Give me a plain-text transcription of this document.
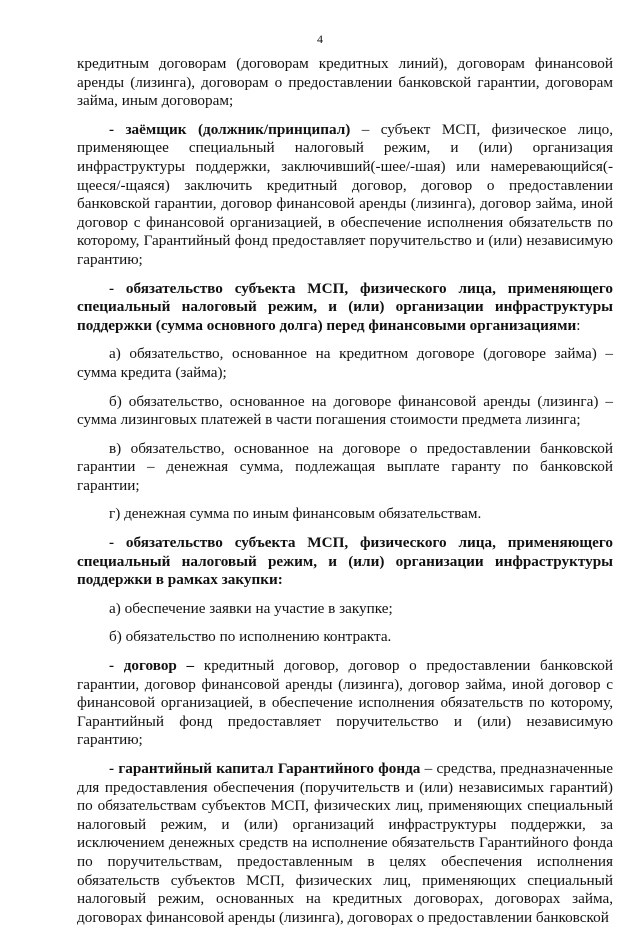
4

кредитным договорам (договорам кредитных линий), договорам финансовой аренды (лизинга), договорам о предоставлении банковской гарантии, договорам займа, иным договорам;

- заёмщик (должник/принципал) – субъект МСП, физическое лицо, применяющее специальный налоговый режим, и (или) организация инфраструктуры поддержки, заключивший(-шее/-шая) или намеревающийся(-щееся/-щаяся) заключить кредитный договор, договор о предоставлении банковской гарантии, договор финансовой аренды (лизинга), договор займа, иной договор с финансовой организацией, в обеспечение исполнения обязательств по которому, Гарантийный фонд предоставляет поручительство и (или) независимую гарантию;

- обязательство субъекта МСП, физического лица, применяющего специальный налоговый режим, и (или) организации инфраструктуры поддержки (сумма основного долга) перед финансовыми организациями:

а) обязательство, основанное на кредитном договоре (договоре займа) – сумма кредита (займа);

б) обязательство, основанное на договоре финансовой аренды (лизинга) – сумма лизинговых платежей в части погашения стоимости предмета лизинга;

в) обязательство, основанное на договоре о предоставлении банковской гарантии – денежная сумма, подлежащая выплате гаранту по банковской гарантии;

г) денежная сумма по иным финансовым обязательствам.

- обязательство субъекта МСП, физического лица, применяющего специальный налоговый режим, и (или) организации инфраструктуры поддержки в рамках закупки:

а) обеспечение заявки на участие в закупке;

б) обязательство по исполнению контракта.

- договор – кредитный договор, договор о предоставлении банковской гарантии, договор финансовой аренды (лизинга), договор займа, иной договор с финансовой организацией, в обеспечение исполнения обязательств по которому, Гарантийный фонд предоставляет поручительство и (или) независимую гарантию;

- гарантийный капитал Гарантийного фонда – средства, предназначенные для предоставления обеспечения (поручительств и (или) независимых гарантий) по обязательствам субъектов МСП, физических лиц, применяющих специальный налоговый режим, и (или) организаций инфраструктуры поддержки, за исключением денежных средств на исполнение обязательств Гарантийного фонда по поручительствам, предоставленным в целях обеспечения исполнения обязательств субъектов МСП, физических лиц, применяющих специальный налоговый режим, основанных на кредитных договорах, договорах займа, договорах финансовой аренды (лизинга), договорах о предоставлении банковской
